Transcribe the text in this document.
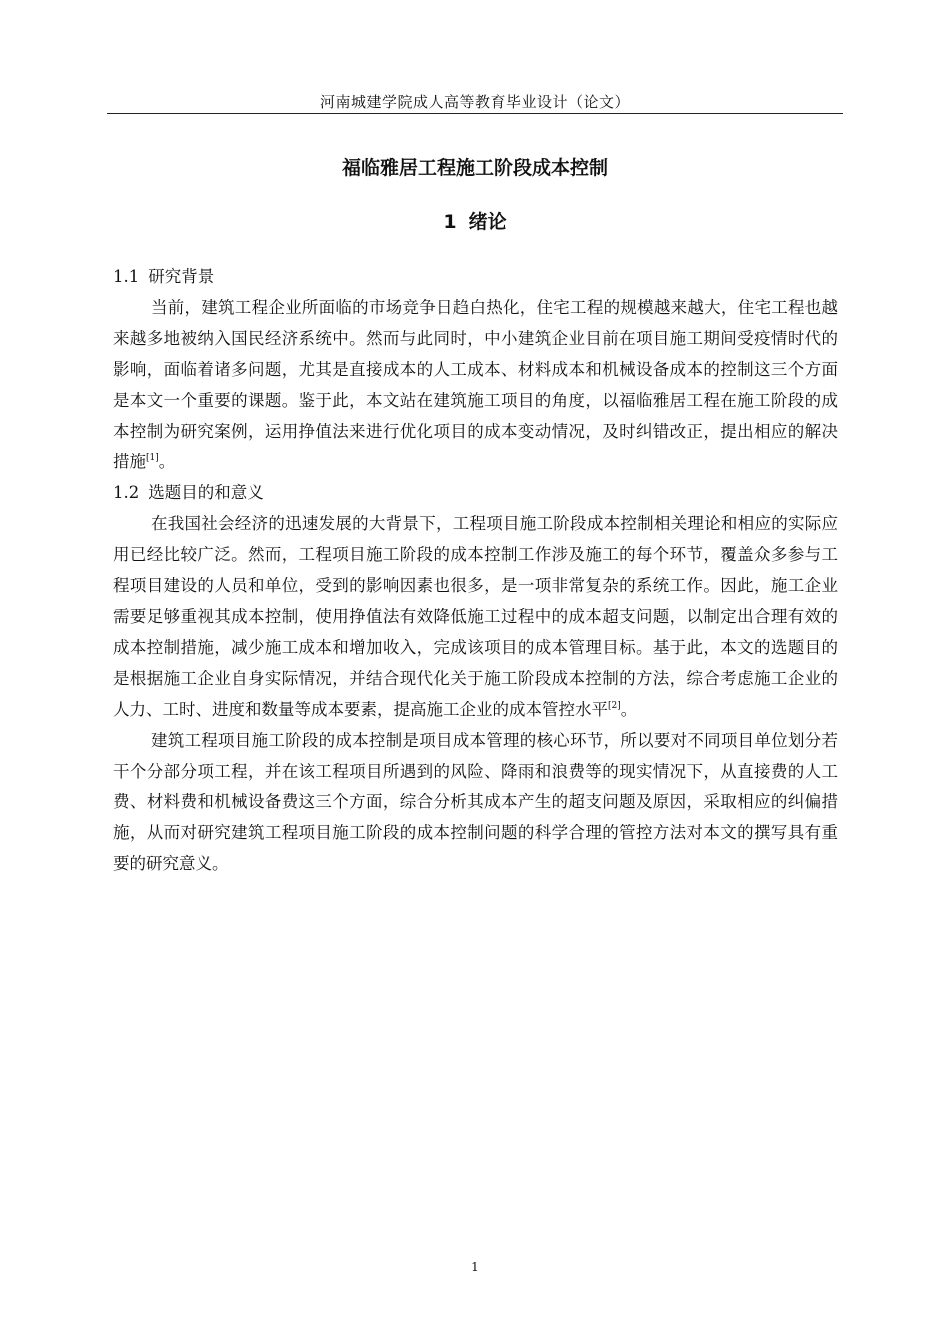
河南城建学院成人高等教育毕业设计（论文）
福临雅居工程施工阶段成本控制
1 绪论
1.1 研究背景

当前，建筑工程企业所面临的市场竞争日趋白热化，住宅工程的规模越来越大，住宅工程也越来越多地被纳入国民经济系统中。然而与此同时，中小建筑企业目前在项目施工期间受疫情时代的影响，面临着诸多问题，尤其是直接成本的人工成本、材料成本和机械设备成本的控制这三个方面是本文一个重要的课题。鉴于此，本文站在建筑施工项目的角度，以福临雅居工程在施工阶段的成本控制为研究案例，运用挣值法来进行优化项目的成本变动情况，及时纠错改正，提出相应的解决措施[1]。

1.2 选题目的和意义

在我国社会经济的迅速发展的大背景下，工程项目施工阶段成本控制相关理论和相应的实际应用已经比较广泛。然而，工程项目施工阶段的成本控制工作涉及施工的每个环节，覆盖众多参与工程项目建设的人员和单位，受到的影响因素也很多，是一项非常复杂的系统工作。因此，施工企业需要足够重视其成本控制，使用挣值法有效降低施工过程中的成本超支问题，以制定出合理有效的成本控制措施，减少施工成本和增加收入，完成该项目的成本管理目标。基于此，本文的选题目的是根据施工企业自身实际情况，并结合现代化关于施工阶段成本控制的方法，综合考虑施工企业的人力、工时、进度和数量等成本要素，提高施工企业的成本管控水平[2]。

建筑工程项目施工阶段的成本控制是项目成本管理的核心环节，所以要对不同项目单位划分若干个分部分项工程，并在该工程项目所遇到的风险、降雨和浪费等的现实情况下，从直接费的人工费、材料费和机械设备费这三个方面，综合分析其成本产生的超支问题及原因，采取相应的纠偏措施，从而对研究建筑工程项目施工阶段的成本控制问题的科学合理的管控方法对本文的撰写具有重要的研究意义。

1
